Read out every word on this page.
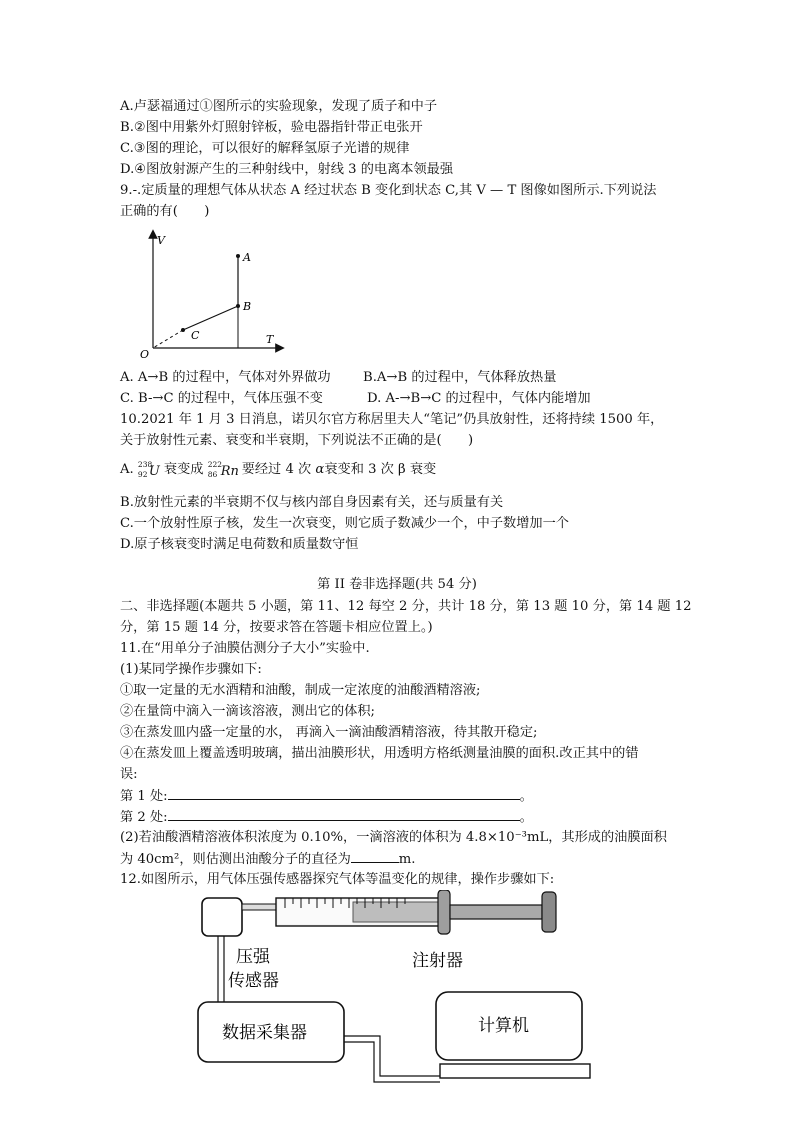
A.卢瑟福通过①图所示的实验现象，发现了质子和中子
B.②图中用紫外灯照射锌板，验电器指针带正电张开
C.③图的理论，可以很好的解释氢原子光谱的规律
D.④图放射源产生的三种射线中，射线 3 的电离本领最强
9.-.定质量的理想气体从状态 A 经过状态 B 变化到状态 C,其 V — T 图像如图所示.下列说法
正确的有(　　)
V
T
O
A
B
C
A. A→B 的过程中，气体对外界做功 B.A→B 的过程中，气体释放热量
C. B-→C 的过程中，气体压强不变	D. A-→B→C 的过程中，气体内能增加
10.2021 年 1 月 3 日消息，诺贝尔官方称居里夫人“笔记”仍具放射性，还将持续 1500 年，
关于放射性元素、衰变和半衰期，下列说法不正确的是(　　)
A. 238
92 U 衰变成 222
86 Rn 要经过 4 次 α衰变和 3 次 β 衰变
B.放射性元素的半衰期不仅与核内部自身因素有关，还与质量有关
C.一个放射性原子核，发生一次衰变，则它质子数减少一个，中子数增加一个
D.原子核衰变时满足电荷数和质量数守恒
第 II 卷非选择题(共 54 分)
二、非选择题(本题共 5 小题，第 11、12 每空 2 分，共计 18 分，第 13 题 10 分，第 14 题 12
分，第 15 题 14 分，按要求答在答题卡相应位置上。)
11.在“用单分子油膜估测分子大小”实验中.
(1)某同学操作步骤如下:
①取一定量的无水酒精和油酸，制成一定浓度的油酸酒精溶液;
②在量筒中滴入一滴该溶液，测出它的体积;
③在蒸发皿内盛一定量的水， 再滴入一滴油酸酒精溶液，待其散开稳定;
④在蒸发皿上覆盖透明玻璃，描出油膜形状，用透明方格纸测量油膜的面积.改正其中的错
误:
第 1 处:	。
第 2 处:	。
(2)若油酸酒精溶液体积浓度为 0.10%，一滴溶液的体积为 4.8×10⁻³mL，其形成的油膜面积
为 40cm²，则估测出油酸分子的直径为	m.
12.如图所示，用气体压强传感器探究气体等温变化的规律，操作步骤如下:
压强
传感器
注射器
数据采集器	计算机
